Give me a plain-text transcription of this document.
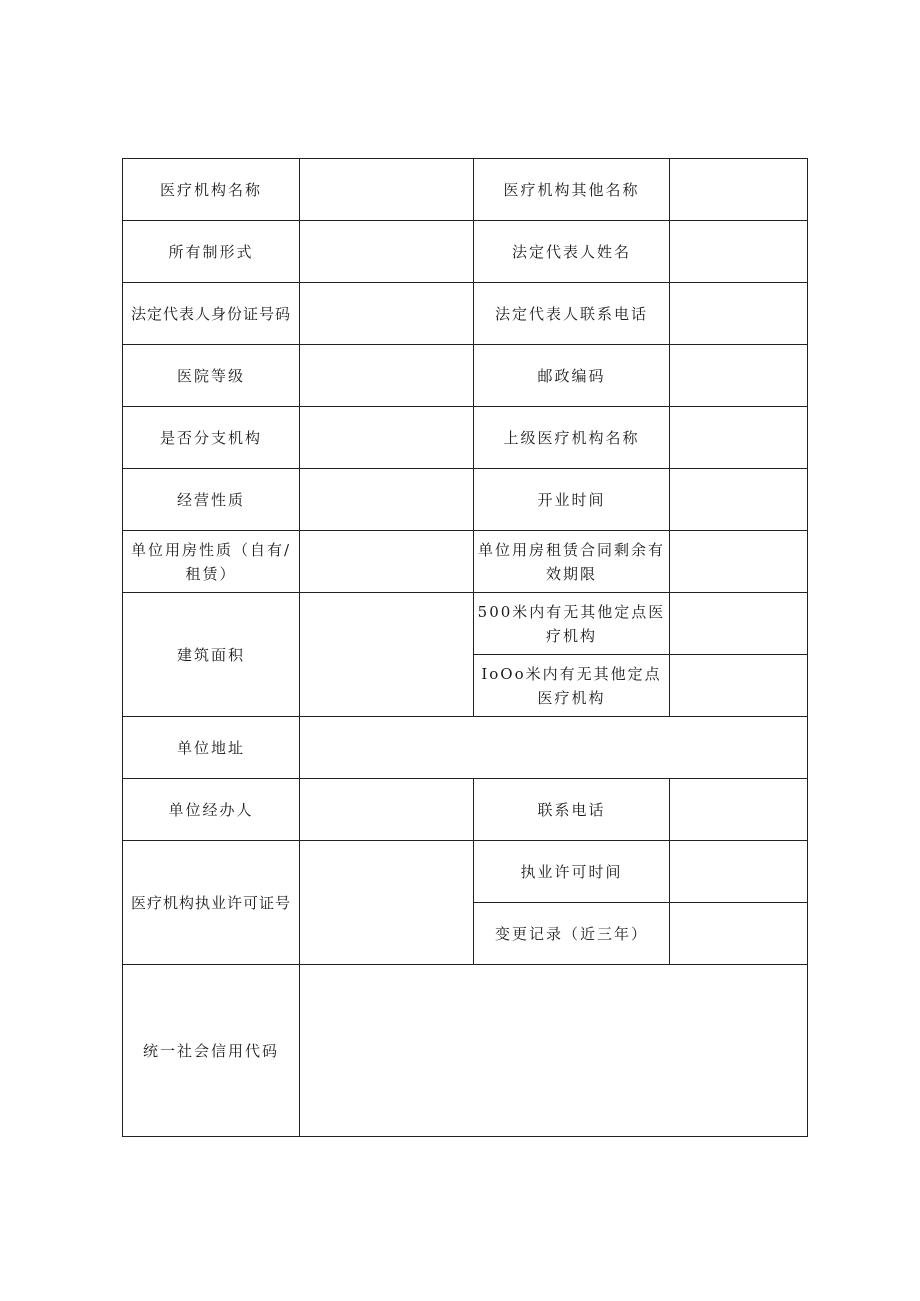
医疗机构名称		医疗机构其他名称	
所有制形式		法定代表人姓名	
法定代表人身份证号码		法定代表人联系电话	
医院等级		邮政编码	
是否分支机构		上级医疗机构名称	
经营性质		开业时间	
单位用房性质（自有/租赁）		单位用房租赁合同剩余有效期限	
建筑面积		500米内有无其他定点医疗机构	
		IoOo米内有无其他定点医疗机构	
单位地址			
单位经办人		联系电话	
医疗机构执业许可证号		执业许可时间	
		变更记录（近三年）	
统一社会信用代码			
